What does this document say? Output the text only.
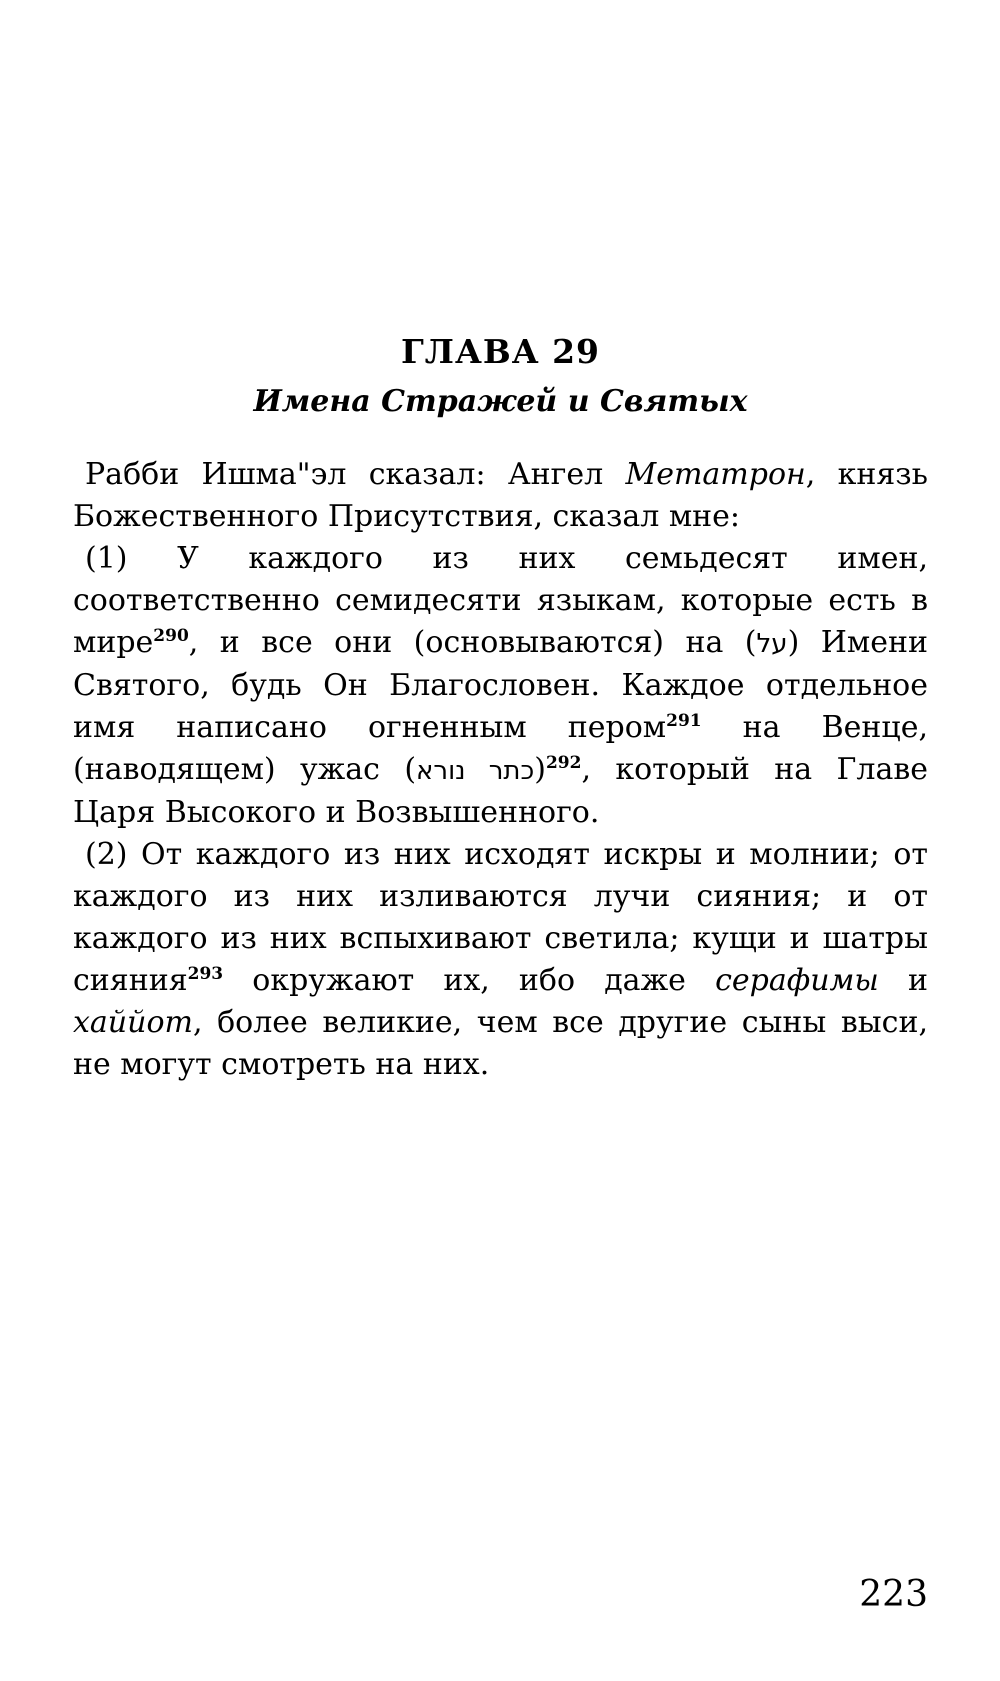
ГЛАВА 29
Имена Стражей и Святых

Рабби Ишма"эл сказал: Ангел Метатрон, князь Божественного Присутствия, сказал мне:

(1) У каждого из них семьдесят имен, соответственно семидесяти языкам, которые есть в мире$^{290}$, и все они (основываются) на (על) Имени Святого, будь Он Благословен. Каждое отдельное имя написано огненным пером$^{291}$ на Венце, (наводящем) ужас (כתר נורא)$^{292}$, который на Главе Царя Высокого и Возвышенного.

(2) От каждого из них исходят искры и молнии; от каждого из них изливаются лучи сияния; и от каждого из них вспыхивают светила; кущи и шатры сияния$^{293}$ окружают их, ибо даже серафимы и хаййот, более великие, чем все другие сыны выси, не могут смотреть на них.

223
